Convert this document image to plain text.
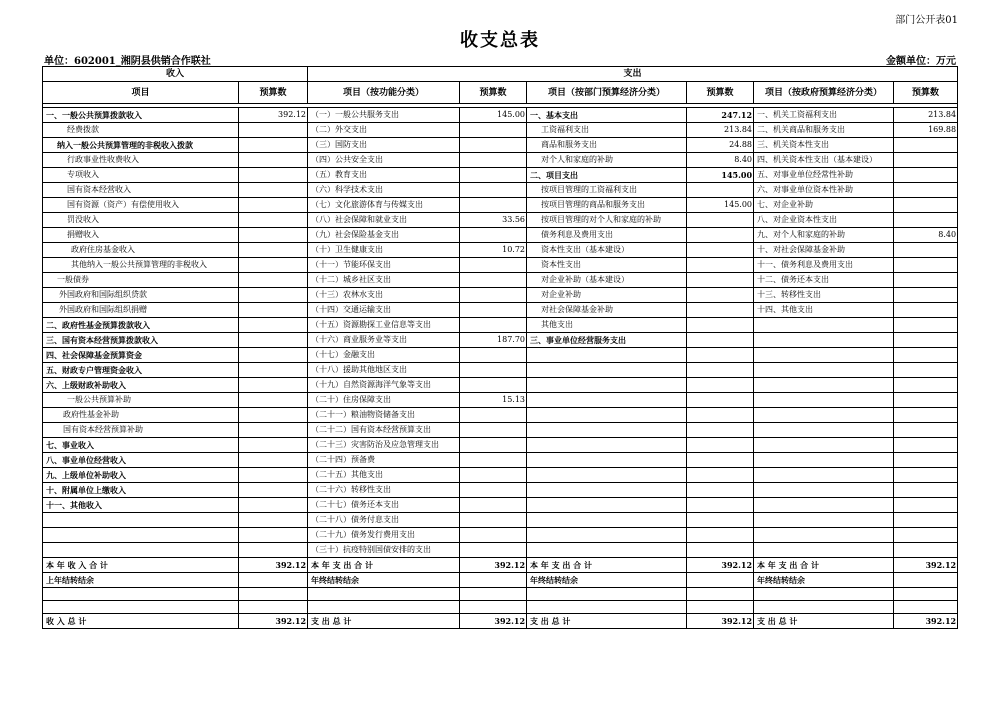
部门公开表01
收支总表
单位：602001_湘阴县供销合作联社	金额单位：万元
收入		支出					
项目	预算数	项目（按功能分类）	预算数	项目（按部门预算经济分类）	预算数	项目（按政府预算经济分类）	预算数

一、一般公共预算拨款收入	392.12	（一）一般公共服务支出	145.00	一、基本支出	247.12	一、机关工资福利支出	213.84
经费拨款		（二）外交支出		工资福利支出	213.84	二、机关商品和服务支出	169.88
纳入一般公共预算管理的非税收入拨款		（三）国防支出		商品和服务支出	24.88	三、机关资本性支出	
行政事业性收费收入		（四）公共安全支出		对个人和家庭的补助	8.40	四、机关资本性支出（基本建设）	
专项收入		（五）教育支出		二、项目支出	145.00	五、对事业单位经常性补助	
国有资本经营收入		（六）科学技术支出		按项目管理的工资福利支出		六、对事业单位资本性补助	
国有资源（资产）有偿使用收入		（七）文化旅游体育与传媒支出		按项目管理的商品和服务支出	145.00	七、对企业补助	
罚没收入		（八）社会保障和就业支出	33.56	按项目管理的对个人和家庭的补助		八、对企业资本性支出	
捐赠收入		（九）社会保险基金支出		债务利息及费用支出		九、对个人和家庭的补助	8.40
政府住房基金收入		（十）卫生健康支出	10.72	资本性支出（基本建设）		十、对社会保障基金补助	
其他纳入一般公共预算管理的非税收入		（十一）节能环保支出		资本性支出		十一、债务利息及费用支出	
一般债券		（十二）城乡社区支出		对企业补助（基本建设）		十二、债务还本支出	
外国政府和国际组织贷款		（十三）农林水支出		对企业补助		十三、转移性支出	
外国政府和国际组织捐赠		（十四）交通运输支出		对社会保障基金补助		十四、其他支出	
二、政府性基金预算拨款收入		（十五）资源勘探工业信息等支出		其他支出			
三、国有资本经营预算拨款收入		（十六）商业服务业等支出	187.70	三、事业单位经营服务支出			
四、社会保障基金预算资金		（十七）金融支出					
五、财政专户管理资金收入		（十八）援助其他地区支出					
六、上级财政补助收入		（十九）自然资源海洋气象等支出					
一般公共预算补助		（二十）住房保障支出	15.13				
政府性基金补助		（二十一）粮油物资储备支出					
国有资本经营预算补助		（二十二）国有资本经营预算支出					
七、事业收入		（二十三）灾害防治及应急管理支出					
八、事业单位经营收入		（二十四）预备费					
九、上级单位补助收入		（二十五）其他支出					
十、附属单位上缴收入		（二十六）转移性支出					
十一、其他收入		（二十七）债务还本支出					
		（二十八）债务付息支出					
		（二十九）债务发行费用支出					
		（三十）抗疫特别国债安排的支出					
本 年 收 入 合 计	392.12	本 年 支 出 合 计	392.12	本 年 支 出 合 计	392.12	本 年 支 出 合 计	392.12
上年结转结余		年终结转结余		年终结转结余		年终结转结余	

收 入 总 计	392.12	支 出 总 计	392.12	支 出 总 计	392.12	支 出 总 计	392.12
